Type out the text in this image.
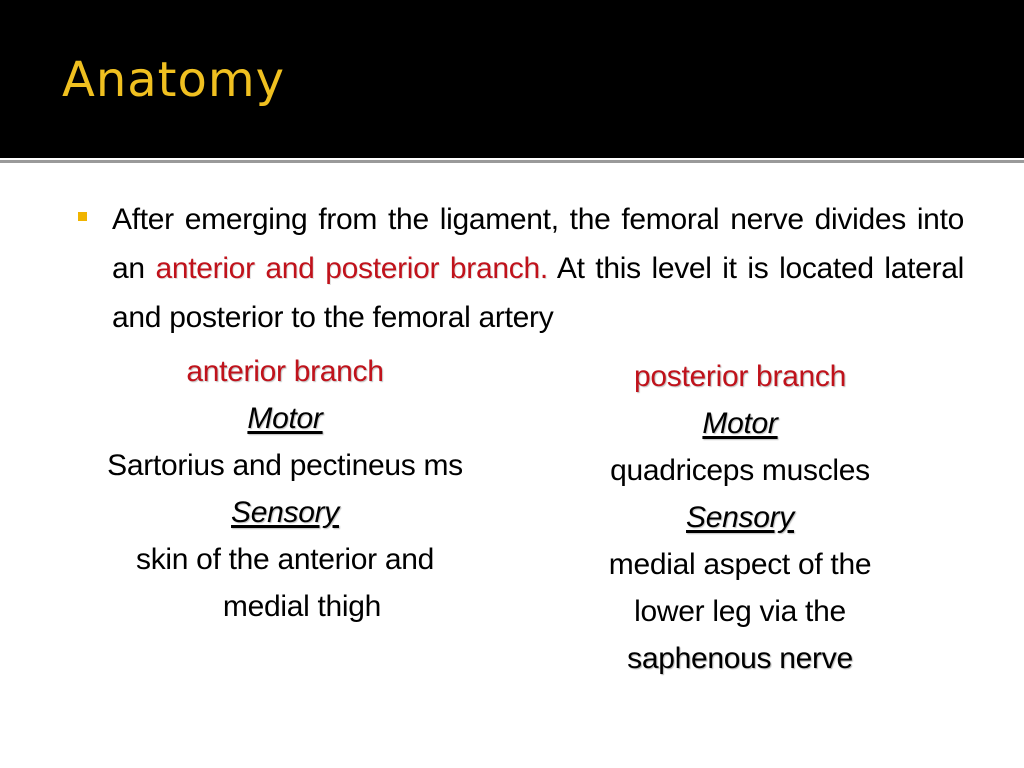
Anatomy
After emerging from the ligament, the femoral nerve divides into an anterior and posterior branch. At this level it is located lateral and posterior to the femoral artery
anterior branch
Motor
Sartorius and pectineus ms
Sensory
skin of the anterior and
medial thigh
posterior branch
Motor
quadriceps muscles
Sensory
medial aspect of the
lower leg via the
saphenous nerve
